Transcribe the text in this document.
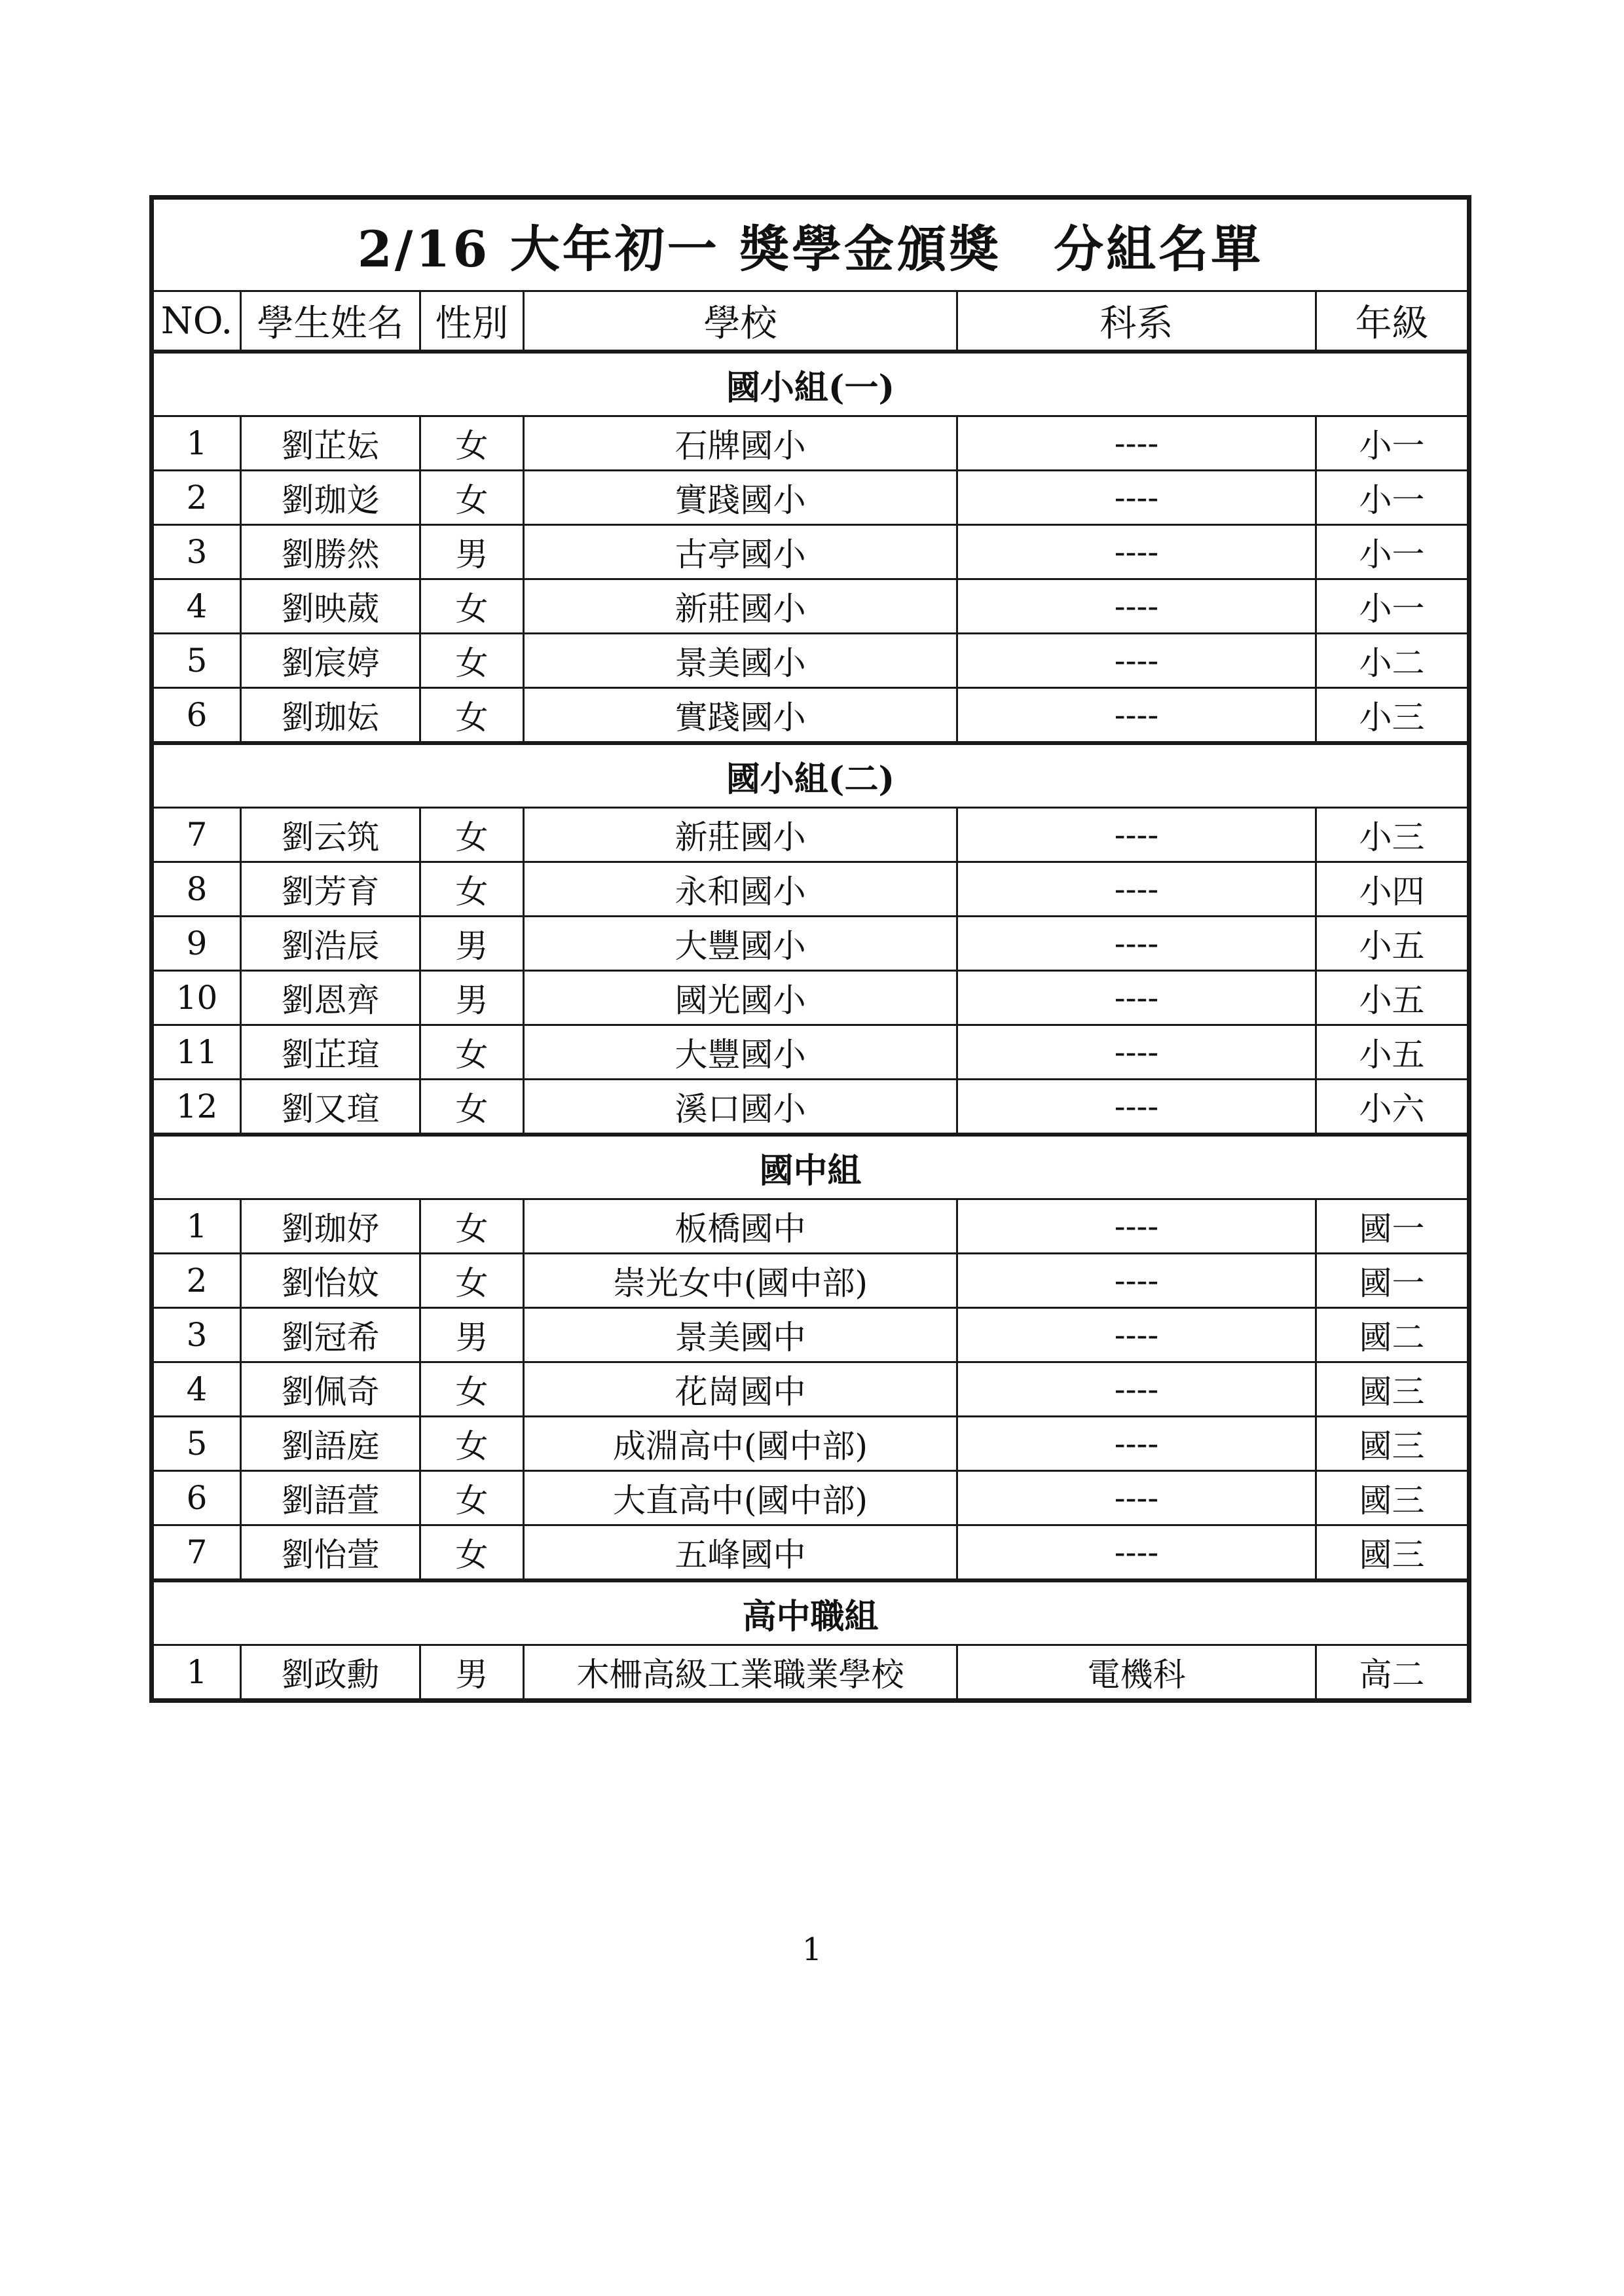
2/16 大年初一 獎學金頒獎　分組名單					
NO.	學生姓名	性別	學校	科系	年級
國小組(一)					
1	劉芷妘	女	石牌國小	----	小一
2	劉珈彣	女	實踐國小	----	小一
3	劉勝然	男	古亭國小	----	小一
4	劉映葳	女	新莊國小	----	小一
5	劉宸婷	女	景美國小	----	小二
6	劉珈妘	女	實踐國小	----	小三
國小組(二)					
7	劉云筑	女	新莊國小	----	小三
8	劉芳育	女	永和國小	----	小四
9	劉浩辰	男	大豐國小	----	小五
10	劉恩齊	男	國光國小	----	小五
11	劉芷瑄	女	大豐國小	----	小五
12	劉又瑄	女	溪口國小	----	小六
國中組					
1	劉珈妤	女	板橋國中	----	國一
2	劉怡妏	女	崇光女中(國中部)	----	國一
3	劉冠希	男	景美國中	----	國二
4	劉佩奇	女	花崗國中	----	國三
5	劉語庭	女	成淵高中(國中部)	----	國三
6	劉語萱	女	大直高中(國中部)	----	國三
7	劉怡萱	女	五峰國中	----	國三
高中職組					
1	劉政勳	男	木柵高級工業職業學校	電機科	高二
1
